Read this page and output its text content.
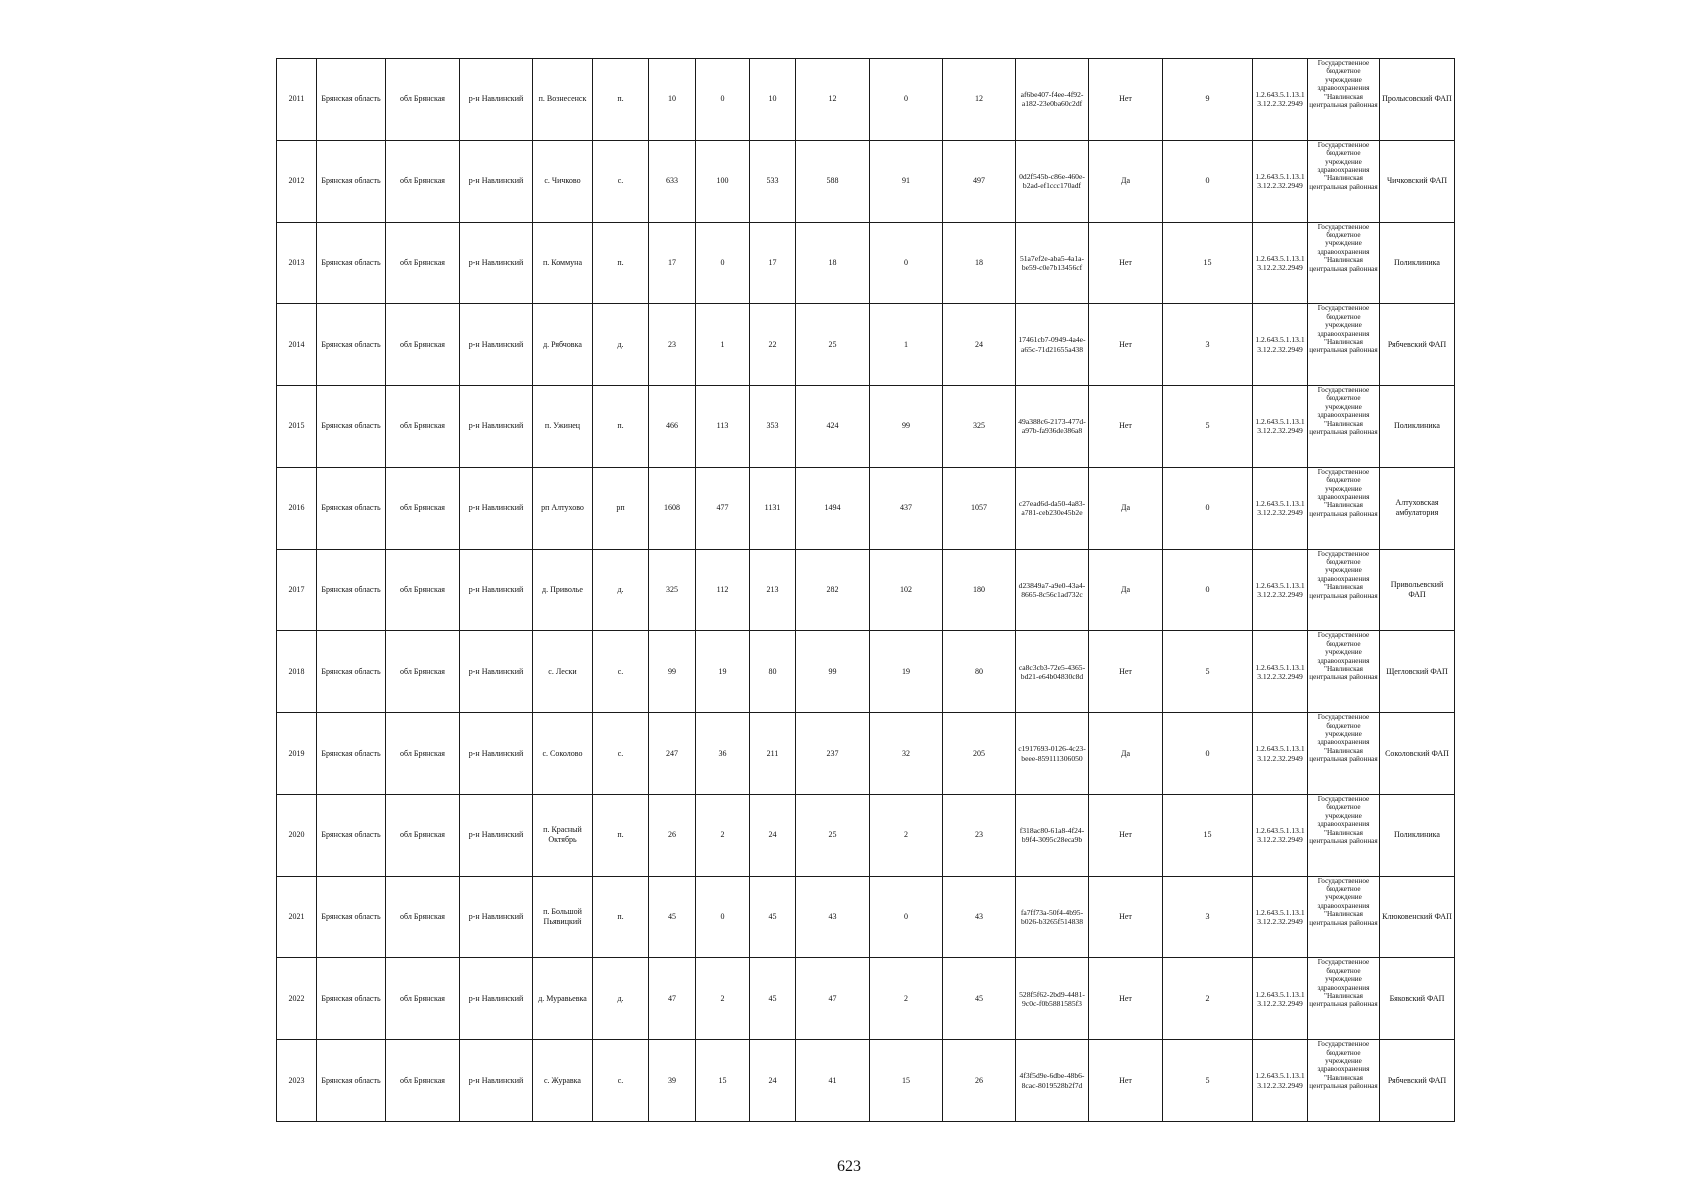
2011	Брянская область	обл Брянская	р-н Навлинский	п. Вознесенск	п.	10	0	10	12	0	12	af6be407-f4ee-4f92-a182-23e0ba60c2df	Нет	9	1.2.643.5.1.13.13.12.2.32.2949	Государственное бюджетное учреждение здравоохранения "Навлинская центральная районная	Пролысовский ФАП
2012	Брянская область	обл Брянская	р-н Навлинский	с. Чичково	с.	633	100	533	588	91	497	0d2f545b-c86e-460e-b2ad-ef1ccc170adf	Да	0	1.2.643.5.1.13.13.12.2.32.2949	Государственное бюджетное учреждение здравоохранения "Навлинская центральная районная	Чичковский ФАП
2013	Брянская область	обл Брянская	р-н Навлинский	п. Коммуна	п.	17	0	17	18	0	18	51a7ef2e-aba5-4a1a-be59-c0e7b13456cf	Нет	15	1.2.643.5.1.13.13.12.2.32.2949	Государственное бюджетное учреждение здравоохранения "Навлинская центральная районная	Поликлиника
2014	Брянская область	обл Брянская	р-н Навлинский	д. Рябчовка	д.	23	1	22	25	1	24	17461cb7-0949-4a4e-a65c-71d21655a438	Нет	3	1.2.643.5.1.13.13.12.2.32.2949	Государственное бюджетное учреждение здравоохранения "Навлинская центральная районная	Рябчевский ФАП
2015	Брянская область	обл Брянская	р-н Навлинский	п. Ужинец	п.	466	113	353	424	99	325	49a388c6-2173-477d-a97b-fa936de386a8	Нет	5	1.2.643.5.1.13.13.12.2.32.2949	Государственное бюджетное учреждение здравоохранения "Навлинская центральная районная	Поликлиника
2016	Брянская область	обл Брянская	р-н Навлинский	рп Алтухово	рп	1608	477	1131	1494	437	1057	c27ead6d-da50-4a83-a781-ceb230e45b2e	Да	0	1.2.643.5.1.13.13.12.2.32.2949	Государственное бюджетное учреждение здравоохранения "Навлинская центральная районная	Алтуховская амбулатория
2017	Брянская область	обл Брянская	р-н Навлинский	д. Приволье	д.	325	112	213	282	102	180	d23849a7-a9e0-43a4-8665-8c56c1ad732c	Да	0	1.2.643.5.1.13.13.12.2.32.2949	Государственное бюджетное учреждение здравоохранения "Навлинская центральная районная	Привольевский ФАП
2018	Брянская область	обл Брянская	р-н Навлинский	с. Лески	с.	99	19	80	99	19	80	ca8c3cb3-72e5-4365-bd21-e64b04830c8d	Нет	5	1.2.643.5.1.13.13.12.2.32.2949	Государственное бюджетное учреждение здравоохранения "Навлинская центральная районная	Щегловский ФАП
2019	Брянская область	обл Брянская	р-н Навлинский	с. Соколово	с.	247	36	211	237	32	205	c1917693-0126-4c23-beee-859111306050	Да	0	1.2.643.5.1.13.13.12.2.32.2949	Государственное бюджетное учреждение здравоохранения "Навлинская центральная районная	Соколовский ФАП
2020	Брянская область	обл Брянская	р-н Навлинский	п. Красный Октябрь	п.	26	2	24	25	2	23	f318ac80-61a8-4f24-b9f4-3095c28eca9b	Нет	15	1.2.643.5.1.13.13.12.2.32.2949	Государственное бюджетное учреждение здравоохранения "Навлинская центральная районная	Поликлиника
2021	Брянская область	обл Брянская	р-н Навлинский	п. Большой Пьявицкий	п.	45	0	45	43	0	43	fa7ff73a-50f4-4b95-b026-b3265f514838	Нет	3	1.2.643.5.1.13.13.12.2.32.2949	Государственное бюджетное учреждение здравоохранения "Навлинская центральная районная	Клюковенский ФАП
2022	Брянская область	обл Брянская	р-н Навлинский	д. Муравьевка	д.	47	2	45	47	2	45	528f5f62-2bd9-4481-9c0c-f0b5881585f3	Нет	2	1.2.643.5.1.13.13.12.2.32.2949	Государственное бюджетное учреждение здравоохранения "Навлинская центральная районная	Бяковский ФАП
2023	Брянская область	обл Брянская	р-н Навлинский	с. Журавка	с.	39	15	24	41	15	26	4f3f5d9e-6dbe-48b6-8cac-8019528b2f7d	Нет	5	1.2.643.5.1.13.13.12.2.32.2949	Государственное бюджетное учреждение здравоохранения "Навлинская центральная районная	Рябчевский ФАП
623
